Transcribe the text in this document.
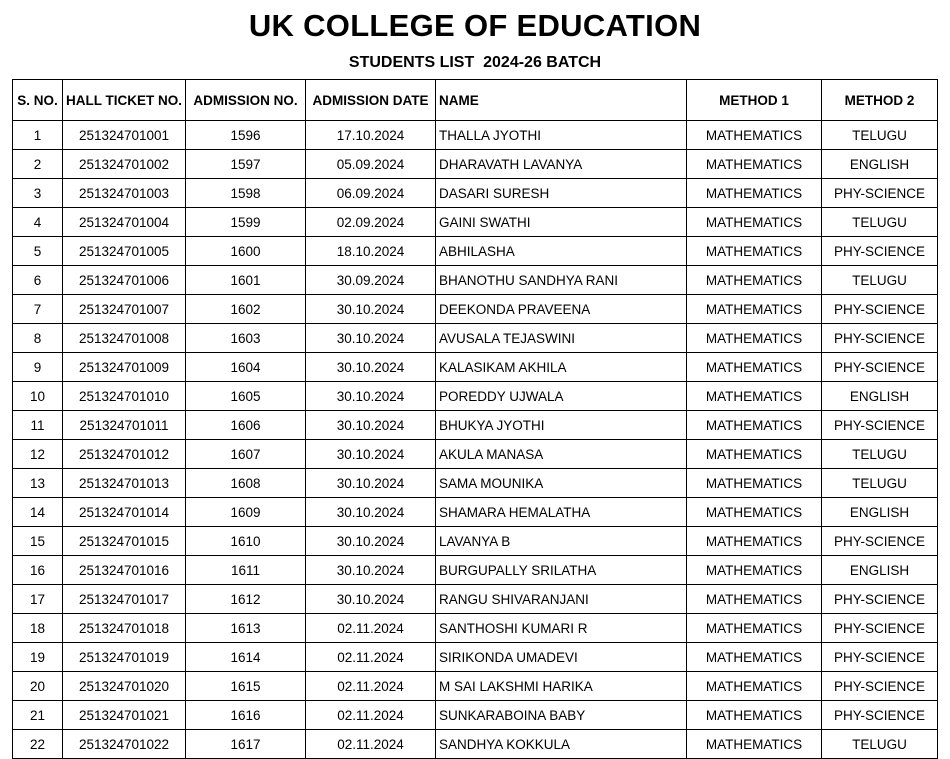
UK COLLEGE OF EDUCATION
STUDENTS LIST  2024-26 BATCH
S. NO.	HALL TICKET NO.	ADMISSION NO.	ADMISSION DATE	NAME	METHOD 1	METHOD 2
1	251324701001	1596	17.10.2024	THALLA JYOTHI	MATHEMATICS	TELUGU
2	251324701002	1597	05.09.2024	DHARAVATH LAVANYA	MATHEMATICS	ENGLISH
3	251324701003	1598	06.09.2024	DASARI SURESH	MATHEMATICS	PHY-SCIENCE
4	251324701004	1599	02.09.2024	GAINI SWATHI	MATHEMATICS	TELUGU
5	251324701005	1600	18.10.2024	ABHILASHA	MATHEMATICS	PHY-SCIENCE
6	251324701006	1601	30.09.2024	BHANOTHU SANDHYA RANI	MATHEMATICS	TELUGU
7	251324701007	1602	30.10.2024	DEEKONDA PRAVEENA	MATHEMATICS	PHY-SCIENCE
8	251324701008	1603	30.10.2024	AVUSALA TEJASWINI	MATHEMATICS	PHY-SCIENCE
9	251324701009	1604	30.10.2024	KALASIKAM AKHILA	MATHEMATICS	PHY-SCIENCE
10	251324701010	1605	30.10.2024	POREDDY UJWALA	MATHEMATICS	ENGLISH
11	251324701011	1606	30.10.2024	BHUKYA JYOTHI	MATHEMATICS	PHY-SCIENCE
12	251324701012	1607	30.10.2024	AKULA MANASA	MATHEMATICS	TELUGU
13	251324701013	1608	30.10.2024	SAMA MOUNIKA	MATHEMATICS	TELUGU
14	251324701014	1609	30.10.2024	SHAMARA HEMALATHA	MATHEMATICS	ENGLISH
15	251324701015	1610	30.10.2024	LAVANYA B	MATHEMATICS	PHY-SCIENCE
16	251324701016	1611	30.10.2024	BURGUPALLY SRILATHA	MATHEMATICS	ENGLISH
17	251324701017	1612	30.10.2024	RANGU SHIVARANJANI	MATHEMATICS	PHY-SCIENCE
18	251324701018	1613	02.11.2024	SANTHOSHI KUMARI R	MATHEMATICS	PHY-SCIENCE
19	251324701019	1614	02.11.2024	SIRIKONDA UMADEVI	MATHEMATICS	PHY-SCIENCE
20	251324701020	1615	02.11.2024	M SAI LAKSHMI HARIKA	MATHEMATICS	PHY-SCIENCE
21	251324701021	1616	02.11.2024	SUNKARABOINA BABY	MATHEMATICS	PHY-SCIENCE
22	251324701022	1617	02.11.2024	SANDHYA KOKKULA	MATHEMATICS	TELUGU
